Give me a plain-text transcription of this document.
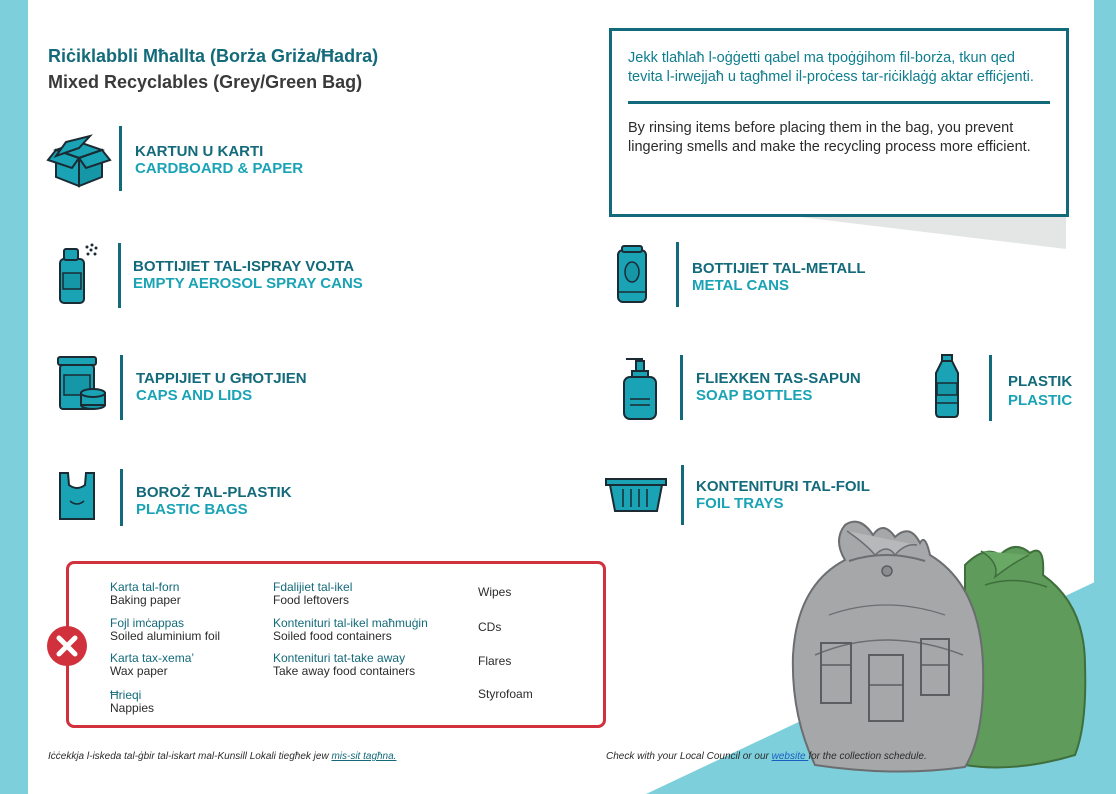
Riċiklabbli Mħallta (Borża Griża/Ħadra)
Mixed Recyclables (Grey/Green Bag)
Jekk tlaħlaħ l-oġġetti qabel ma tpoġġihom fil-borża, tkun qed tevita l-irwejjaħ u tagħmel il-proċess tar-riċiklaġġ aktar effiċjenti.
By rinsing items before placing them in the bag, you prevent lingering smells and make the recycling process more efficient.
KARTUN U KARTI
CARDBOARD & PAPER
BOTTIJIET TAL-ISPRAY VOJTA
EMPTY AEROSOL SPRAY CANS
TAPPIJIET U GĦOTJIEN
CAPS AND LIDS
BOROŻ TAL-PLASTIK
PLASTIC BAGS
BOTTIJIET TAL-METALL
METAL CANS
FLIEXKEN TAS-SAPUN
SOAP BOTTLES
PLASTIK
PLASTIC
KONTENITURI TAL-FOIL
FOIL TRAYS
Karta tal-forn
Baking paper
Fojl imċappas
Soiled aluminium foil
Karta tax-xema’
Wax paper
Ħrieqi
Nappies
Fdalijiet tal-ikel
Food leftovers
Kontenituri tal-ikel maħmuġin
Soiled food containers
Kontenituri tat-take away
Take away food containers
Wipes
CDs
Flares
Styrofoam
Iċċekkja l-iskeda tal-ġbir tal-iskart mal-Kunsill Lokali tiegħek jew mis-sit tagħna.	Check with your Local Council or our website for the collection schedule.
